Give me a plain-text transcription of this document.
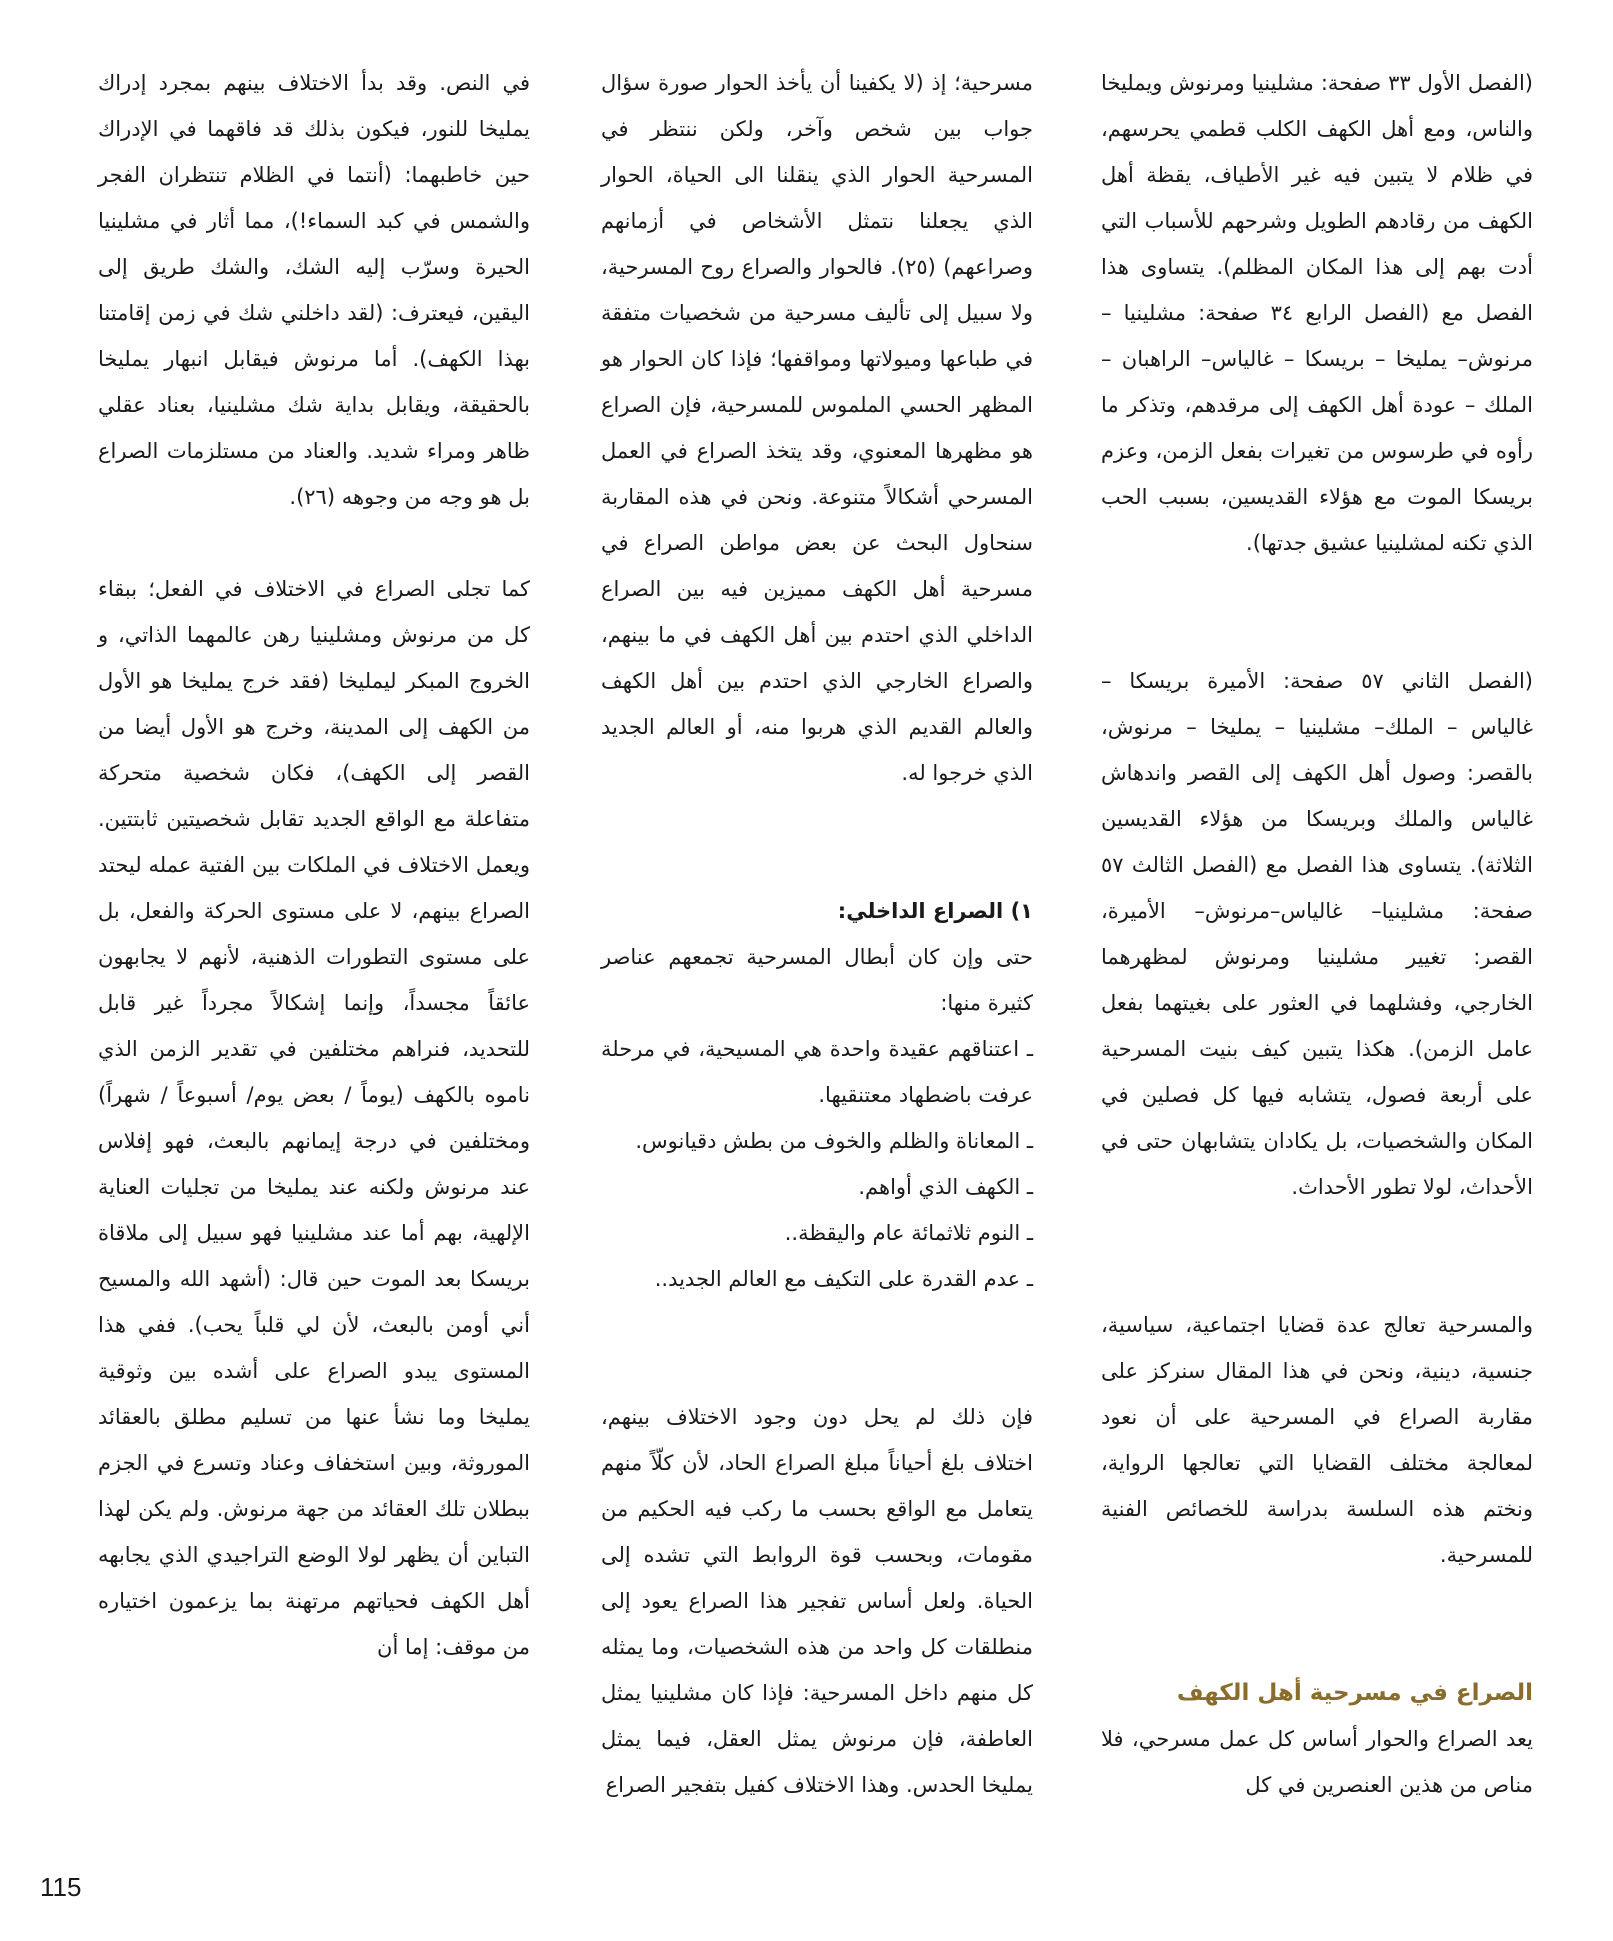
(الفصل الأول ٣٣ صفحة: مشلينيا ومرنوش ويمليخا والناس، ومع أهل الكهف الكلب قطمي يحرسهم، في ظلام لا يتبين فيه غير الأطياف، يقظة أهل الكهف من رقادهم الطويل وشرحهم للأسباب التي أدت بهم إلى هذا المكان المظلم). يتساوى هذا الفصل مع (الفصل الرابع ٣٤ صفحة: مشلينيا – مرنوش– يمليخا – بريسكا – غالياس– الراهبان – الملك – عودة أهل الكهف إلى مرقدهم، وتذكر ما رأوه في طرسوس من تغيرات بفعل الزمن، وعزم بريسكا الموت مع هؤلاء القديسين، بسبب الحب الذي تكنه لمشلينيا عشيق جدتها).

(الفصل الثاني ٥٧ صفحة: الأميرة بريسكا – غالياس – الملك– مشلينيا – يمليخا – مرنوش، بالقصر: وصول أهل الكهف إلى القصر واندهاش غالياس والملك وبريسكا من هؤلاء القديسين الثلاثة). يتساوى هذا الفصل مع (الفصل الثالث ٥٧ صفحة: مشلينيا– غالياس–مرنوش– الأميرة، القصر: تغيير مشلينيا ومرنوش لمظهرهما الخارجي، وفشلهما في العثور على بغيتهما بفعل عامل الزمن). هكذا يتبين كيف بنيت المسرحية على أربعة فصول، يتشابه فيها كل فصلين في المكان والشخصيات، بل يكادان يتشابهان حتى في الأحداث، لولا تطور الأحداث.

والمسرحية تعالج عدة قضايا اجتماعية، سياسية، جنسية، دينية، ونحن في هذا المقال سنركز على مقاربة الصراع في المسرحية على أن نعود لمعالجة مختلف القضايا التي تعالجها الرواية، ونختم هذه السلسة بدراسة للخصائص الفنية للمسرحية.

الصراع في مسرحية أهل الكهف

يعد الصراع والحوار أساس كل عمل مسرحي، فلا مناص من هذين العنصرين في كل

مسرحية؛ إذ (لا يكفينا أن يأخذ الحوار صورة سؤال جواب بين شخص وآخر، ولكن ننتظر في المسرحية الحوار الذي ينقلنا الى الحياة، الحوار الذي يجعلنا نتمثل الأشخاص في أزمانهم وصراعهم) (٢٥). فالحوار والصراع روح المسرحية، ولا سبيل إلى تأليف مسرحية من شخصيات متفقة في طباعها وميولاتها ومواقفها؛ فإذا كان الحوار هو المظهر الحسي الملموس للمسرحية، فإن الصراع هو مظهرها المعنوي، وقد يتخذ الصراع في العمل المسرحي أشكالاً متنوعة. ونحن في هذه المقاربة سنحاول البحث عن بعض مواطن الصراع في مسرحية أهل الكهف مميزين فيه بين الصراع الداخلي الذي احتدم بين أهل الكهف في ما بينهم، والصراع الخارجي الذي احتدم بين أهل الكهف والعالم القديم الذي هربوا منه، أو العالم الجديد الذي خرجوا له.

١) الصراع الداخلي:

حتى وإن كان أبطال المسرحية تجمعهم عناصر كثيرة منها:

ـ اعتناقهم عقيدة واحدة هي المسيحية، في مرحلة عرفت باضطهاد معتنقيها.
ـ المعاناة والظلم والخوف من بطش دقيانوس.
ـ الكهف الذي أواهم.
ـ النوم ثلاثمائة عام واليقظة..
ـ عدم القدرة على التكيف مع العالم الجديد..

فإن ذلك لم يحل دون وجود الاختلاف بينهم، اختلاف بلغ أحياناً مبلغ الصراع الحاد، لأن كلّاً منهم يتعامل مع الواقع بحسب ما ركب فيه الحكيم من مقومات، وبحسب قوة الروابط التي تشده إلى الحياة. ولعل أساس تفجير هذا الصراع يعود إلى منطلقات كل واحد من هذه الشخصيات، وما يمثله كل منهم داخل المسرحية: فإذا كان مشلينيا يمثل العاطفة، فإن مرنوش يمثل العقل، فيما يمثل يمليخا الحدس. وهذا الاختلاف كفيل بتفجير الصراع

في النص. وقد بدأ الاختلاف بينهم بمجرد إدراك يمليخا للنور، فيكون بذلك قد فاقهما في الإدراك حين خاطبهما: (أنتما في الظلام تنتظران الفجر والشمس في كبد السماء!)، مما أثار في مشلينيا الحيرة وسرّب إليه الشك، والشك طريق إلى اليقين، فيعترف: (لقد داخلني شك في زمن إقامتنا بهذا الكهف). أما مرنوش فيقابل انبهار يمليخا بالحقيقة، ويقابل بداية شك مشلينيا، بعناد عقلي ظاهر ومراء شديد. والعناد من مستلزمات الصراع بل هو وجه من وجوهه (٢٦).

كما تجلى الصراع في الاختلاف في الفعل؛ ببقاء كل من مرنوش ومشلينيا رهن عالمهما الذاتي، و الخروج المبكر ليمليخا (فقد خرج يمليخا هو الأول من الكهف إلى المدينة، وخرج هو الأول أيضا من القصر إلى الكهف)، فكان شخصية متحركة متفاعلة مع الواقع الجديد تقابل شخصيتين ثابتتين. ويعمل الاختلاف في الملكات بين الفتية عمله ليحتد الصراع بينهم، لا على مستوى الحركة والفعل، بل على مستوى التطورات الذهنية، لأنهم لا يجابهون عائقاً مجسداً، وإنما إشكالاً مجرداً غير قابل للتحديد، فنراهم مختلفين في تقدير الزمن الذي ناموه بالكهف (يوماً / بعض يوم/ أسبوعاً / شهراً) ومختلفين في درجة إيمانهم بالبعث، فهو إفلاس عند مرنوش ولكنه عند يمليخا من تجليات العناية الإلهية، بهم أما عند مشلينيا فهو سبيل إلى ملاقاة بريسكا بعد الموت حين قال: (أشهد الله والمسيح أني أومن بالبعث، لأن لي قلباً يحب). ففي هذا المستوى يبدو الصراع على أشده بين وثوقية يمليخا وما نشأ عنها من تسليم مطلق بالعقائد الموروثة، وبين استخفاف وعناد وتسرع في الجزم ببطلان تلك العقائد من جهة مرنوش. ولم يكن لهذا التباين أن يظهر لولا الوضع التراجيدي الذي يجابهه أهل الكهف فحياتهم مرتهنة بما يزعمون اختياره من موقف: إما أن

115
